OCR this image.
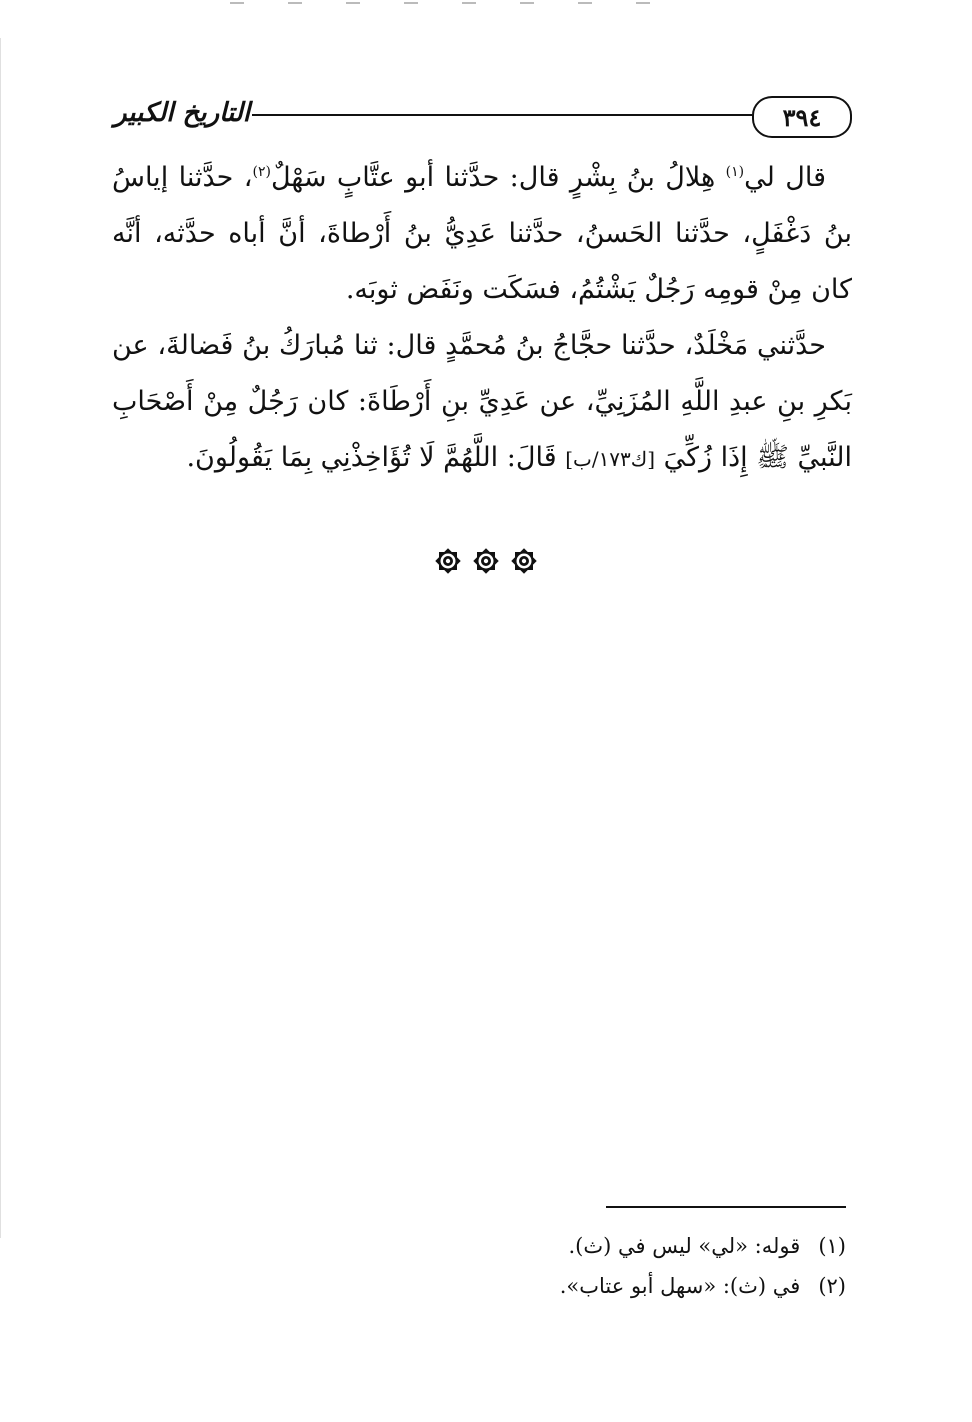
٣٩٤
التاريخ الكبير

قال لي$^{(١)}$ هِلالُ بنُ بِشْرٍ قال: حدَّثنا أبو عتَّابٍ سَهْلٌ$^{(٢)}$، حدَّثنا إياسُ بنُ دَغْفَلٍ، حدَّثنا الحَسنُ، حدَّثنا عَدِيُّ بنُ أَرْطاةَ، أنَّ أباه حدَّثه، أنَّه كان مِنْ قومِه رَجُلٌ يَشْتُمُ، فسَكَت ونَفَض ثوبَه.

حدَّثني مَخْلَدٌ، حدَّثنا حجَّاجُ بنُ مُحمَّدٍ قال: ثنا مُبارَكُ بنُ فَضالةَ، عن بَكرِ بنِ عبدِ اللَّهِ المُزَنِيِّ، عن عَدِيِّ بنِ أَرْطَاةَ: كان رَجُلٌ مِنْ أَصْحَابِ النَّبيِّ ﷺ إِذَا زُكِّيَ [ك١٧٣/ب] قَالَ: اللَّهُمَّ لَا تُؤَاخِذْنِي بِمَا يَقُولُونَ.

(١)قوله: «لي» ليس في (ث).
(٢)في (ث): «سهل أبو عتاب».
